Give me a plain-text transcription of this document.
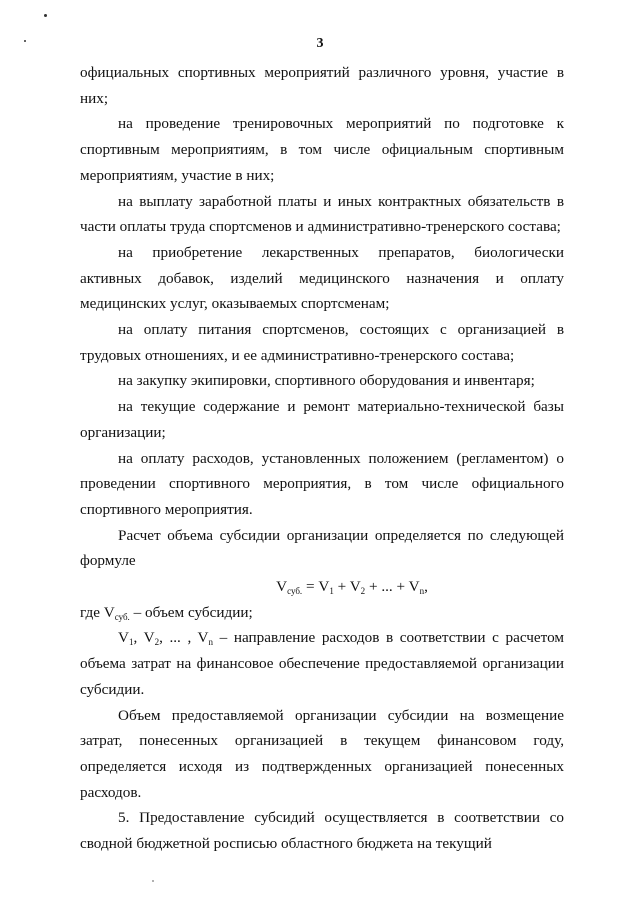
3

официальных спортивных мероприятий различного уровня, участие в них;

на проведение тренировочных мероприятий по подготовке к спортивным мероприятиям, в том числе официальным спортивным мероприятиям, участие в них;

на выплату заработной платы и иных контрактных обязательств в части оплаты труда спортсменов и административно-тренерского состава;

на приобретение лекарственных препаратов, биологически активных добавок, изделий медицинского назначения и оплату медицинских услуг, оказываемых спортсменам;

на оплату питания спортсменов, состоящих с организацией в трудовых отношениях, и ее административно-тренерского состава;

на закупку экипировки, спортивного оборудования и инвентаря;

на текущие содержание и ремонт материально-технической базы организации;

на оплату расходов, установленных положением (регламентом) о проведении спортивного мероприятия, в том числе официального спортивного мероприятия.

Расчет объема субсидии организации определяется по следующей формуле

$V_{суб.} = V_1 + V_2$ + ... + $V_n$,

где $V_{суб.}$ – объем субсидии;

$V_1$, $V_2$, ... , $V_n$ – направление расходов в соответствии с расчетом объема затрат на финансовое обеспечение предоставляемой организации субсидии.

Объем предоставляемой организации субсидии на возмещение затрат, понесенных организацией в текущем финансовом году, определяется исходя из подтвержденных организацией понесенных расходов.

5. Предоставление субсидий осуществляется в соответствии со сводной бюджетной росписью областного бюджета на текущий
